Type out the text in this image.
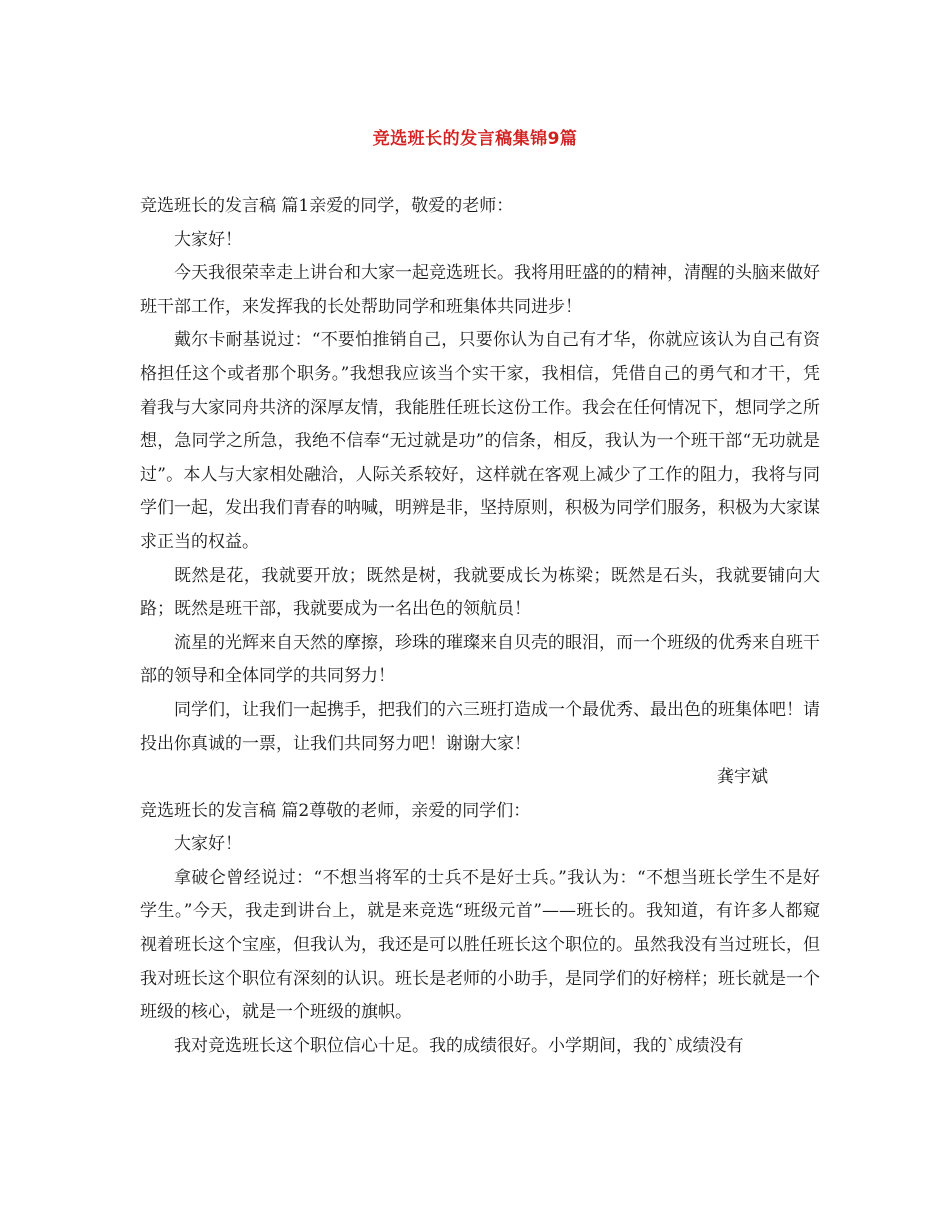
竞选班长的发言稿集锦9篇

竞选班长的发言稿 篇1亲爱的同学，敬爱的老师：

大家好！

今天我很荣幸走上讲台和大家一起竞选班长。我将用旺盛的的精神，清醒的头脑来做好班干部工作，来发挥我的长处帮助同学和班集体共同进步！

戴尔卡耐基说过：“不要怕推销自己，只要你认为自己有才华，你就应该认为自己有资格担任这个或者那个职务。”我想我应该当个实干家，我相信，凭借自己的勇气和才干，凭着我与大家同舟共济的深厚友情，我能胜任班长这份工作。我会在任何情况下，想同学之所想，急同学之所急，我绝不信奉“无过就是功”的信条，相反，我认为一个班干部“无功就是过”。本人与大家相处融洽，人际关系较好，这样就在客观上减少了工作的阻力，我将与同学们一起，发出我们青春的呐喊，明辨是非，坚持原则，积极为同学们服务，积极为大家谋求正当的权益。

既然是花，我就要开放；既然是树，我就要成长为栋梁；既然是石头，我就要铺向大路；既然是班干部，我就要成为一名出色的领航员！

流星的光辉来自天然的摩擦，珍珠的璀璨来自贝壳的眼泪，而一个班级的优秀来自班干部的领导和全体同学的共同努力！

同学们，让我们一起携手，把我们的六三班打造成一个最优秀、最出色的班集体吧！请投出你真诚的一票，让我们共同努力吧！谢谢大家！

龚宇斌

竞选班长的发言稿 篇2尊敬的老师，亲爱的同学们：

大家好！

拿破仑曾经说过：“不想当将军的士兵不是好士兵。”我认为：“不想当班长学生不是好学生。”今天，我走到讲台上，就是来竞选“班级元首”——班长的。我知道，有许多人都窥视着班长这个宝座，但我认为，我还是可以胜任班长这个职位的。虽然我没有当过班长，但我对班长这个职位有深刻的认识。班长是老师的小助手，是同学们的好榜样；班长就是一个班级的核心，就是一个班级的旗帜。

我对竞选班长这个职位信心十足。我的成绩很好。小学期间，我的`成绩没有
